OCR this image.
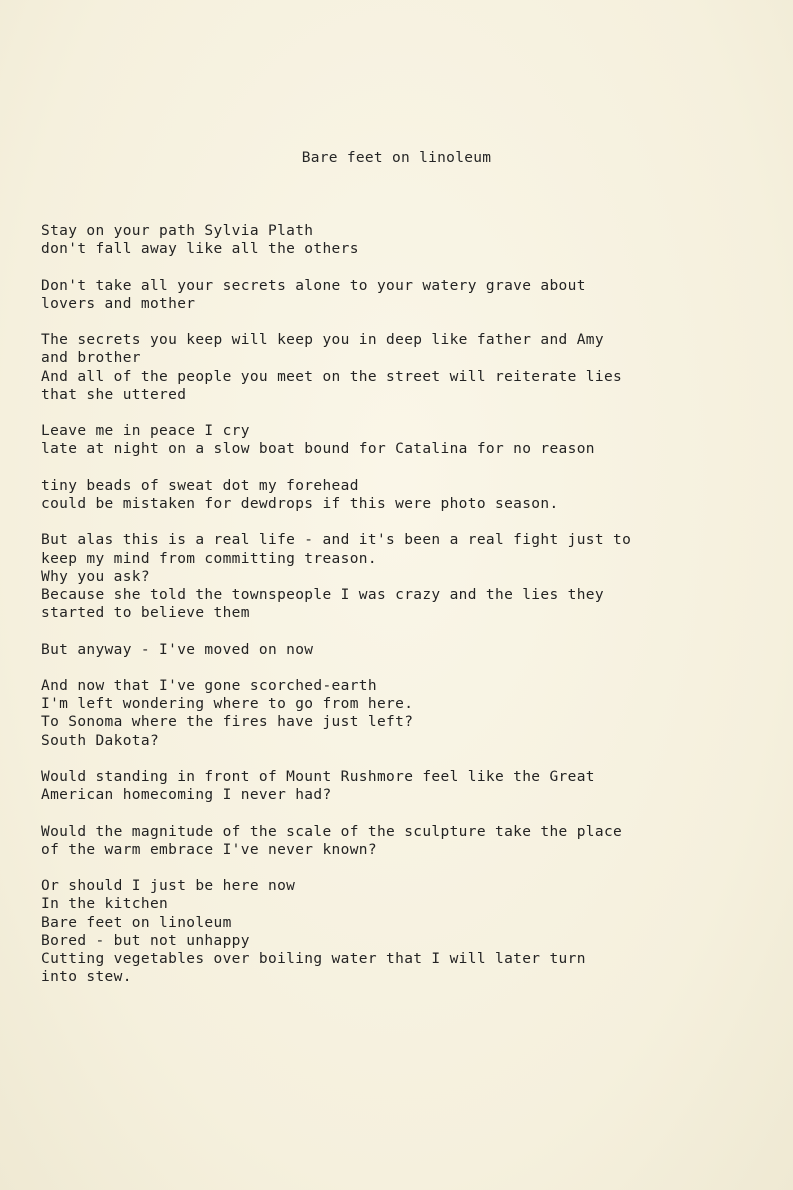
Bare feet on linoleum
Stay on your path Sylvia Plath
don't fall away like all the others
Don't take all your secrets alone to your watery grave about
lovers and mother
The secrets you keep will keep you in deep like father and Amy
and brother
And all of the people you meet on the street will reiterate lies
that she uttered
Leave me in peace I cry
late at night on a slow boat bound for Catalina for no reason
tiny beads of sweat dot my forehead
could be mistaken for dewdrops if this were photo season.
But alas this is a real life - and it's been a real fight just to
keep my mind from committing treason.
Why you ask?
Because she told the townspeople I was crazy and the lies they
started to believe them
But anyway - I've moved on now
And now that I've gone scorched-earth
I'm left wondering where to go from here.
To Sonoma where the fires have just left?
South Dakota?
Would standing in front of Mount Rushmore feel like the Great
American homecoming I never had?
Would the magnitude of the scale of the sculpture take the place
of the warm embrace I've never known?
Or should I just be here now
In the kitchen
Bare feet on linoleum
Bored - but not unhappy
Cutting vegetables over boiling water that I will later turn
into stew.
